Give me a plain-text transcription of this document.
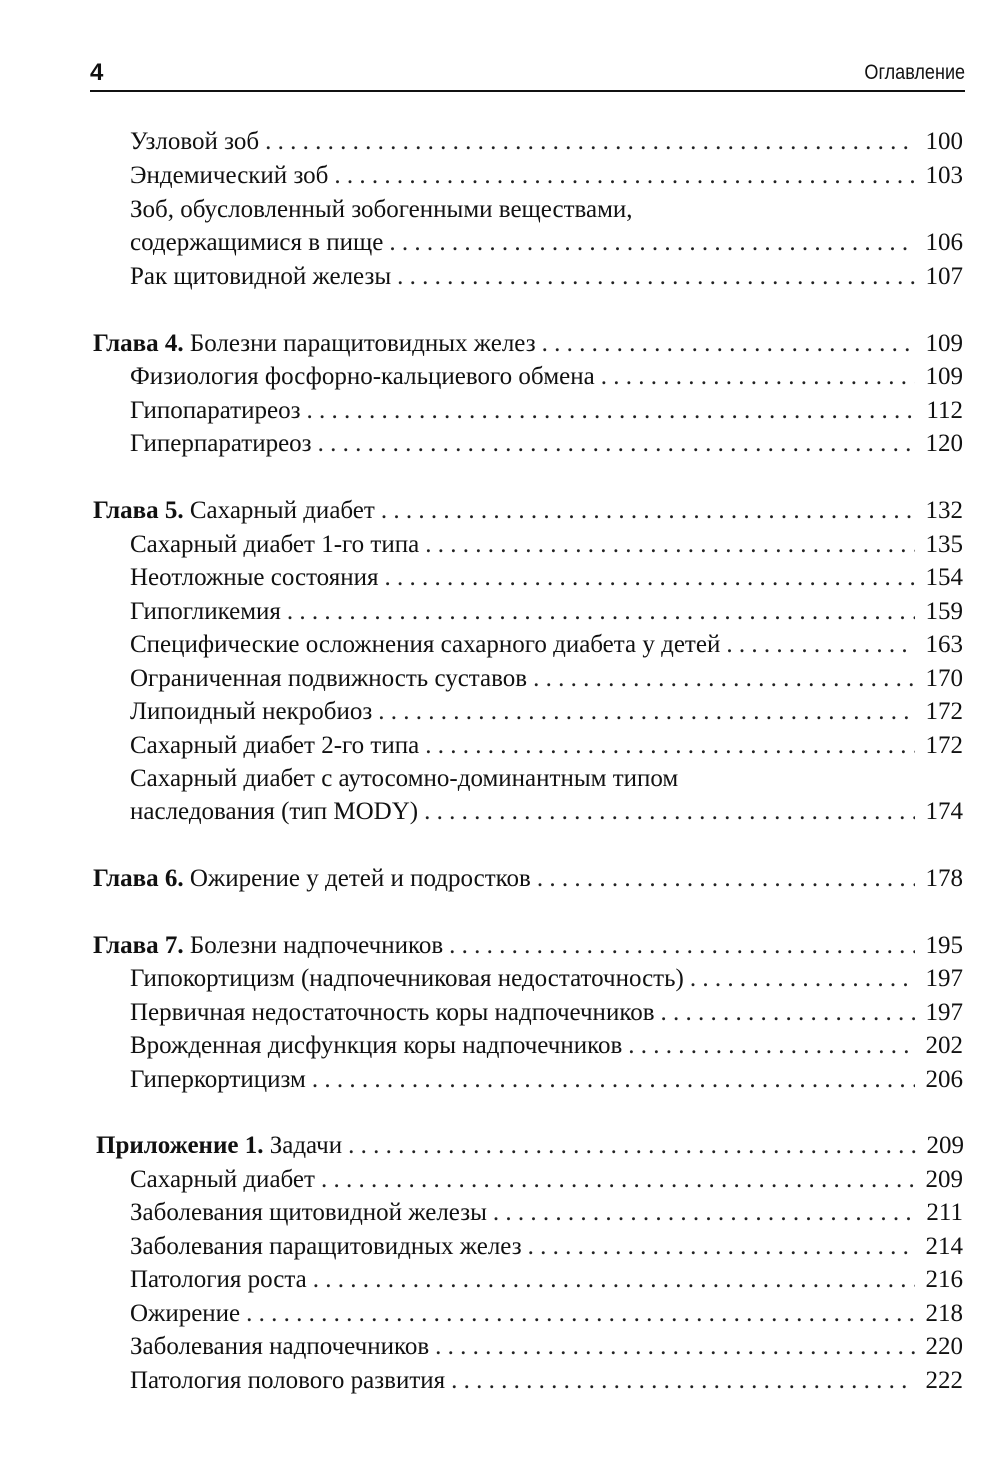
4	Оглавление
Узловой зоб . . .	100
Эндемический зоб . . .	103
Зоб, обусловленный зобогенными веществами,
содержащимися в пище . . .	106
Рак щитовидной железы . . .	107
Глава 4. Болезни паращитовидных желез . . .	109
Физиология фосфорно-кальциевого обмена . . .	109
Гипопаратиреоз . . .	112
Гиперпаратиреоз . . .	120
Глава 5. Сахарный диабет . . .	132
Сахарный диабет 1-го типа . . .	135
Неотложные состояния . . .	154
Гипогликемия . . .	159
Специфические осложнения сахарного диабета у детей . . .	163
Ограниченная подвижность суставов . . .	170
Липоидный некробиоз . . .	172
Сахарный диабет 2-го типа . . .	172
Сахарный диабет с аутосомно-доминантным типом
наследования (тип MODY) . . .	174
Глава 6. Ожирение у детей и подростков . . .	178
Глава 7. Болезни надпочечников . . .	195
Гипокортицизм (надпочечниковая недостаточность) . . .	197
Первичная недостаточность коры надпочечников . . .	197
Врожденная дисфункция коры надпочечников . . .	202
Гиперкортицизм . . .	206
Приложение 1. Задачи . . .	209
Сахарный диабет . . .	209
Заболевания щитовидной железы . . .	211
Заболевания паращитовидных желез . . .	214
Патология роста . . .	216
Ожирение . . .	218
Заболевания надпочечников . . .	220
Патология полового развития . . .	222
